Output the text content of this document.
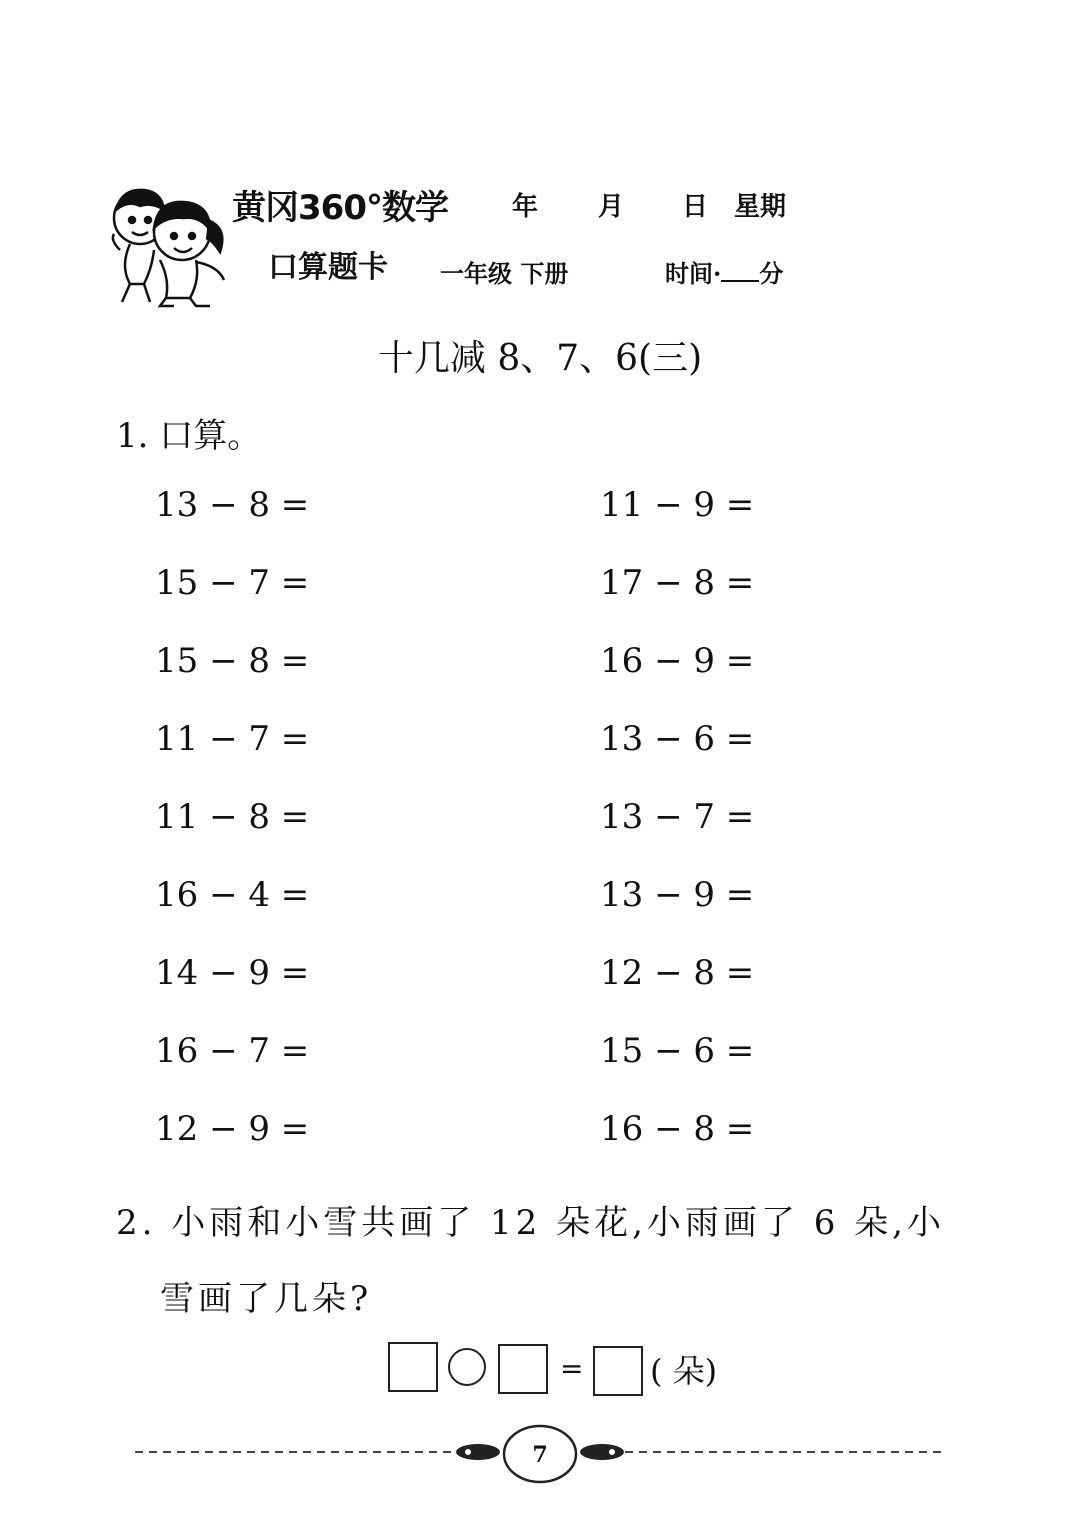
黄冈360°数学
口算题卡
年 月 日 星期
一年级 下册	时间· 分
十几减 8、7、6(三)
1. 口算。
13 − 8 =
15 − 7 =
15 − 8 =
11 − 7 =
11 − 8 =
16 − 4 =
14 − 9 =
16 − 7 =
12 − 9 =
11 − 9 =
17 − 8 =
16 − 9 =
13 − 6 =
13 − 7 =
13 − 9 =
12 − 8 =
15 − 6 =
16 − 8 =
2. 小雨和小雪共画了 12 朵花,小雨画了 6 朵,小
雪画了几朵?
= ( 朵)
7
